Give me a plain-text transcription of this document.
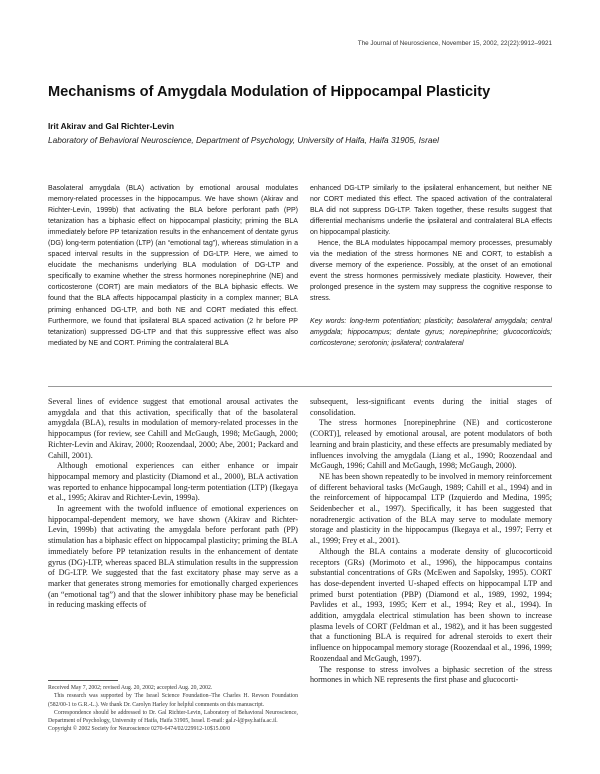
The Journal of Neuroscience, November 15, 2002, 22(22):9912–9921
Mechanisms of Amygdala Modulation of Hippocampal Plasticity
Irit Akirav and Gal Richter-Levin
Laboratory of Behavioral Neuroscience, Department of Psychology, University of Haifa, Haifa 31905, Israel
Basolateral amygdala (BLA) activation by emotional arousal modulates memory-related processes in the hippocampus. We have shown (Akirav and Richter-Levin, 1999b) that activating the BLA before perforant path (PP) tetanization has a biphasic effect on hippocampal plasticity; priming the BLA immediately before PP tetanization results in the enhancement of dentate gyrus (DG) long-term potentiation (LTP) (an “emotional tag”), whereas stimulation in a spaced interval results in the suppression of DG-LTP. Here, we aimed to elucidate the mechanisms underlying BLA modulation of DG-LTP and specifically to examine whether the stress hormones norepinephrine (NE) and corticosterone (CORT) are main mediators of the BLA biphasic effects. We found that the BLA affects hippocampal plasticity in a complex manner; BLA priming enhanced DG-LTP, and both NE and CORT mediated this effect. Furthermore, we found that ipsilateral BLA spaced activation (2 hr before PP tetanization) suppressed DG-LTP and that this suppressive effect was also mediated by NE and CORT. Priming the contralateral BLA

enhanced DG-LTP similarly to the ipsilateral enhancement, but neither NE nor CORT mediated this effect. The spaced activation of the contralateral BLA did not suppress DG-LTP. Taken together, these results suggest that differential mechanisms underlie the ipsilateral and contralateral BLA effects on hippocampal plasticity.

Hence, the BLA modulates hippocampal memory processes, presumably via the mediation of the stress hormones NE and CORT, to establish a diverse memory of the experience. Possibly, at the onset of an emotional event the stress hormones permissively mediate plasticity. However, their prolonged presence in the system may suppress the cognitive response to stress.

Key words: long-term potentiation; plasticity; basolateral amygdala; central amygdala; hippocampus; dentate gyrus; norepinephrine; glucocorticoids; corticosterone; serotonin; ipsilateral; contralateral

Several lines of evidence suggest that emotional arousal activates the amygdala and that this activation, specifically that of the basolateral amygdala (BLA), results in modulation of memory-related processes in the hippocampus (for review, see Cahill and McGaugh, 1998; McGaugh, 2000; Richter-Levin and Akirav, 2000; Roozendaal, 2000; Abe, 2001; Packard and Cahill, 2001).

Although emotional experiences can either enhance or impair hippocampal memory and plasticity (Diamond et al., 2000), BLA activation was reported to enhance hippocampal long-term potentiation (LTP) (Ikegaya et al., 1995; Akirav and Richter-Levin, 1999a).

In agreement with the twofold influence of emotional experiences on hippocampal-dependent memory, we have shown (Akirav and Richter-Levin, 1999b) that activating the amygdala before perforant path (PP) stimulation has a biphasic effect on hippocampal plasticity; priming the BLA immediately before PP tetanization results in the enhancement of dentate gyrus (DG)-LTP, whereas spaced BLA stimulation results in the suppression of DG-LTP. We suggested that the fast excitatory phase may serve as a marker that generates strong memories for emotionally charged experiences (an “emotional tag”) and that the slower inhibitory phase may be beneficial in reducing masking effects of

subsequent, less-significant events during the initial stages of consolidation.

The stress hormones [norepinephrine (NE) and corticosterone (CORT)], released by emotional arousal, are potent modulators of both learning and brain plasticity, and these effects are presumably mediated by influences involving the amygdala (Liang et al., 1990; Roozendaal and McGaugh, 1996; Cahill and McGaugh, 1998; McGaugh, 2000).

NE has been shown repeatedly to be involved in memory reinforcement of different behavioral tasks (McGaugh, 1989; Cahill et al., 1994) and in the reinforcement of hippocampal LTP (Izquierdo and Medina, 1995; Seidenbecher et al., 1997). Specifically, it has been suggested that noradrenergic activation of the BLA may serve to modulate memory storage and plasticity in the hippocampus (Ikegaya et al., 1997; Ferry et al., 1999; Frey et al., 2001).

Although the BLA contains a moderate density of glucocorticoid receptors (GRs) (Morimoto et al., 1996), the hippocampus contains substantial concentrations of GRs (McEwen and Sapolsky, 1995). CORT has dose-dependent inverted U-shaped effects on hippocampal LTP and primed burst potentiation (PBP) (Diamond et al., 1989, 1992, 1994; Pavlides et al., 1993, 1995; Kerr et al., 1994; Rey et al., 1994). In addition, amygdala electrical stimulation has been shown to increase plasma levels of CORT (Feldman et al., 1982), and it has been suggested that a functioning BLA is required for adrenal steroids to exert their influence on hippocampal memory storage (Roozendaal et al., 1996, 1999; Roozendaal and McGaugh, 1997).

The response to stress involves a biphasic secretion of the stress hormones in which NE represents the first phase and glucocorti-

Received May 7, 2002; revised Aug. 20, 2002; accepted Aug. 20, 2002.

This research was supported by The Israel Science Foundation–The Charles H. Revson Foundation (582/00-1 to G.R.-L.). We thank Dr. Carolyn Harley for helpful comments on this manuscript.

Correspondence should be addressed to Dr. Gal Richter-Levin, Laboratory of Behavioral Neuroscience, Department of Psychology, University of Haifa, Haifa 31905, Israel. E-mail: gal.r-l@psy.haifa.ac.il.

Copyright © 2002 Society for Neuroscience 0270-6474/02/229912-10$15.00/0
